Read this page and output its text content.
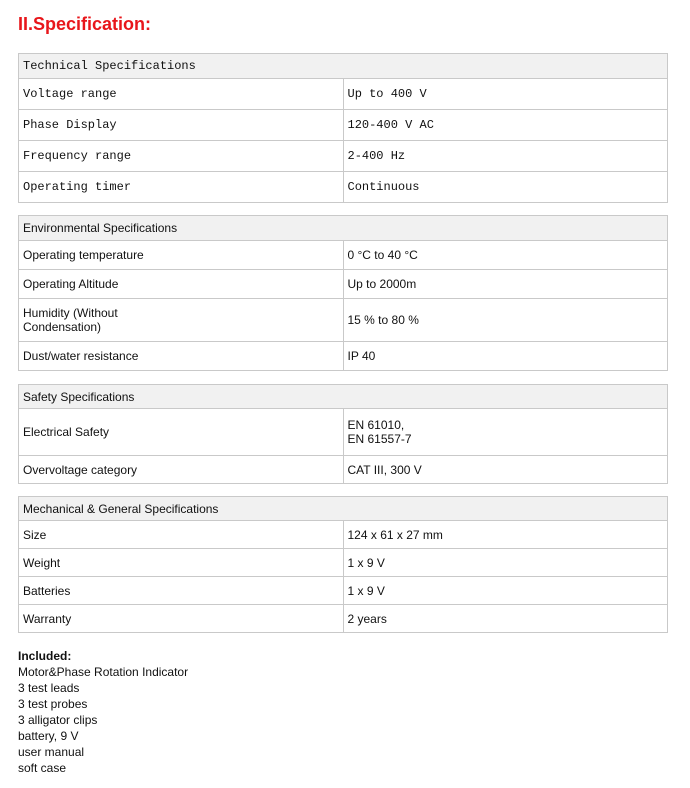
II.Specification:
Technical Specifications	
Voltage range	Up to 400 V
Phase Display	120-400 V AC
Frequency range	2-400 Hz
Operating timer	Continuous
Environmental Specifications	
Operating temperature	0 °C to 40 °C
Operating Altitude	Up to 2000m

Humidity (Without
Condensation)	15 % to 80 %
Dust/water resistance	IP 40
Safety Specifications	
Electrical Safety	EN 61010,
EN 61557-7

Overvoltage category	CAT III, 300 V
Mechanical & General Specifications	
Size	124 x 61 x 27 mm
Weight	1 x 9 V
Batteries	1 x 9 V
Warranty	2 years
Included:
Motor&Phase Rotation Indicator
3 test leads
3 test probes
3 alligator clips
battery, 9 V
user manual
soft case
